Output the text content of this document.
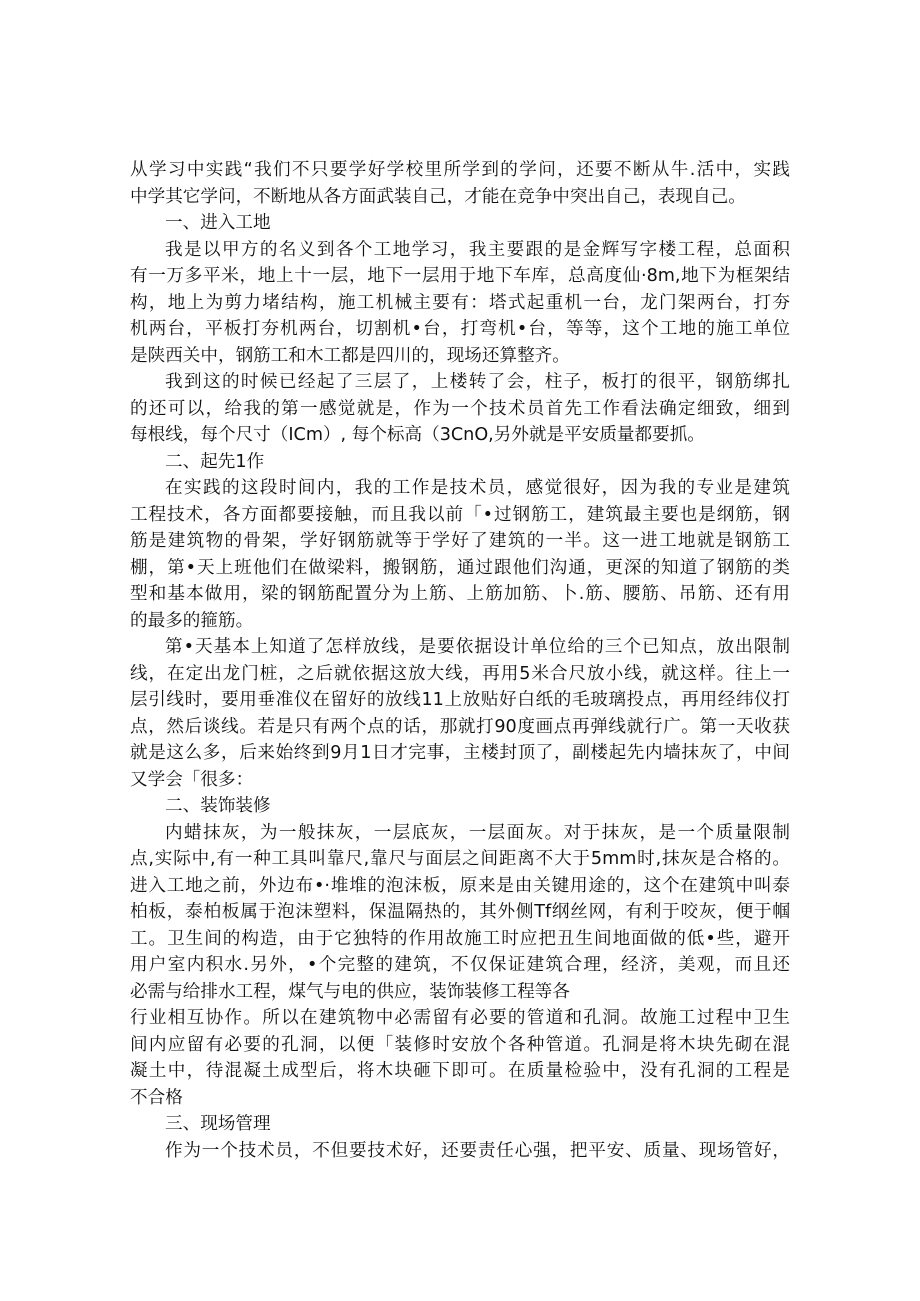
从学习中实践“我们不只要学好学校里所学到的学问，还要不断从牛.活中，实践
中学其它学问，不断地从各方面武装自己，才能在竞争中突出自己，表现自己。
一、进入工地
我是以甲方的名义到各个工地学习，我主要跟的是金辉写字楼工程，总面积
有一万多平米，地上十一层，地下一层用于地下车库，总高度仙·8m,地下为框架结
构，地上为剪力堵结构，施工机械主要有：塔式起重机一台，龙门架两台，打夯
机两台，平板打夯机两台，切割机•台，打弯机•台，等等，这个工地的施工单位
是陕西关中，钢筋工和木工都是四川的，现场还算整齐。
我到这的时候已经起了三层了，上楼转了会，柱子，板打的很平，钢筋绑扎
的还可以，给我的第一感觉就是，作为一个技术员首先工作看法确定细致，细到
每根线，每个尺寸（ICm）, 每个标高（3CnO,另外就是平安质量都要抓。
二、起先1作
在实践的这段时间内，我的工作是技术员，感觉很好，因为我的专业是建筑
工程技术，各方面都要接触，而且我以前「•过钢筋工，建筑最主要也是纲筋，钢
筋是建筑物的骨架，学好钢筋就等于学好了建筑的一半。这一进工地就是钢筋工
棚，第•天上班他们在做梁料，搬钢筋，通过跟他们沟通，更深的知道了钢筋的类
型和基本做用，梁的钢筋配置分为上筋、上筋加筋、卜.筋、腰筋、吊筋、还有用
的最多的箍筋。
第•天基本上知道了怎样放线，是要依据设计单位给的三个已知点，放出限制
线，在定出龙门桩，之后就依据这放大线，再用5米合尺放小线，就这样。往上一
层引线时，要用垂准仪在留好的放线11上放贴好白纸的毛玻璃投点，再用经纬仪打
点，然后谈线。若是只有两个点的话，那就打90度画点再弹线就行广。第一天收获
就是这么多，后来始终到9月1日才完事，主楼封顶了，副楼起先内墙抹灰了，中间
又学会「很多：
二、装饰装修
内蜡抹灰，为一般抹灰，一层底灰，一层面灰。对于抹灰，是一个质量限制
点,实际中,有一种工具叫靠尺,靠尺与面层之间距离不大于5mm时,抹灰是合格的。
进入工地之前，外边布•·堆堆的泡沫板，原来是由关键用途的，这个在建筑中叫泰
柏板，泰柏板属于泡沫塑料，保温隔热的，其外侧Tf纲丝网，有利于咬灰，便于帼
工。卫生间的构造，由于它独特的作用故施工时应把丑生间地面做的低•些，避开
用户室内积水.另外，•个完整的建筑，不仅保证建筑合理，经济，美观，而且还
必需与给排水工程，煤气与电的供应，装饰装修工程等各
行业相互协作。所以在建筑物中必需留有必要的管道和孔洞。故施工过程中卫生
间内应留有必要的孔洞，以便「装修时安放个各种管道。孔洞是将木块先砌在混
凝土中，待混凝土成型后，将木块砸下即可。在质量检验中，没有孔洞的工程是
不合格
三、现场管理
作为一个技术员，不但要技术好，还要责任心强，把平安、质量、现场管好，
